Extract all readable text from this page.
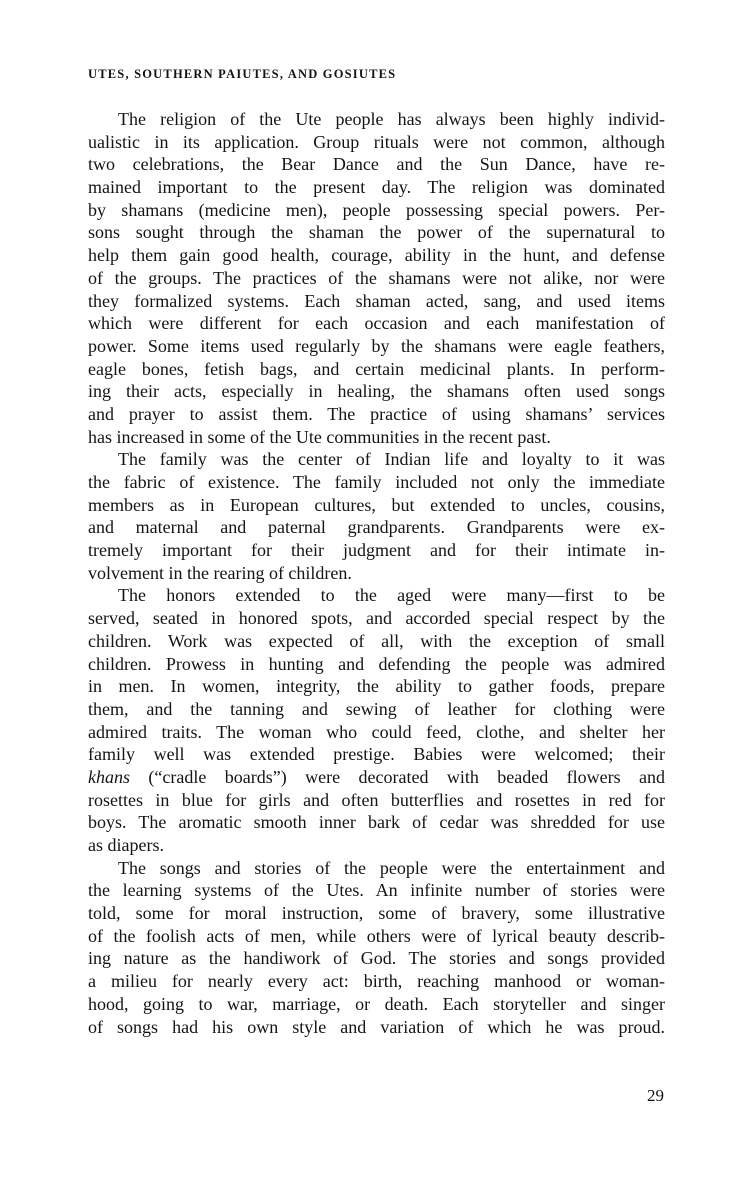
UTES, SOUTHERN PAIUTES, AND GOSIUTES
The religion of the Ute people has always been highly individ-
ualistic in its application. Group rituals were not common, although
two celebrations, the Bear Dance and the Sun Dance, have re-
mained important to the present day. The religion was dominated
by shamans (medicine men), people possessing special powers. Per-
sons sought through the shaman the power of the supernatural to
help them gain good health, courage, ability in the hunt, and defense
of the groups. The practices of the shamans were not alike, nor were
they formalized systems. Each shaman acted, sang, and used items
which were different for each occasion and each manifestation of
power. Some items used regularly by the shamans were eagle feathers,
eagle bones, fetish bags, and certain medicinal plants. In perform-
ing their acts, especially in healing, the shamans often used songs
and prayer to assist them. The practice of using shamans’ services
has increased in some of the Ute communities in the recent past.
The family was the center of Indian life and loyalty to it was
the fabric of existence. The family included not only the immediate
members as in European cultures, but extended to uncles, cousins,
and maternal and paternal grandparents. Grandparents were ex-
tremely important for their judgment and for their intimate in-
volvement in the rearing of children.
The honors extended to the aged were many—first to be
served, seated in honored spots, and accorded special respect by the
children. Work was expected of all, with the exception of small
children. Prowess in hunting and defending the people was admired
in men. In women, integrity, the ability to gather foods, prepare
them, and the tanning and sewing of leather for clothing were
admired traits. The woman who could feed, clothe, and shelter her
family well was extended prestige. Babies were welcomed; their
khans (“cradle boards”) were decorated with beaded flowers and
rosettes in blue for girls and often butterflies and rosettes in red for
boys. The aromatic smooth inner bark of cedar was shredded for use
as diapers.
The songs and stories of the people were the entertainment and
the learning systems of the Utes. An infinite number of stories were
told, some for moral instruction, some of bravery, some illustrative
of the foolish acts of men, while others were of lyrical beauty describ-
ing nature as the handiwork of God. The stories and songs provided
a milieu for nearly every act: birth, reaching manhood or woman-
hood, going to war, marriage, or death. Each storyteller and singer
of songs had his own style and variation of which he was proud.
29
